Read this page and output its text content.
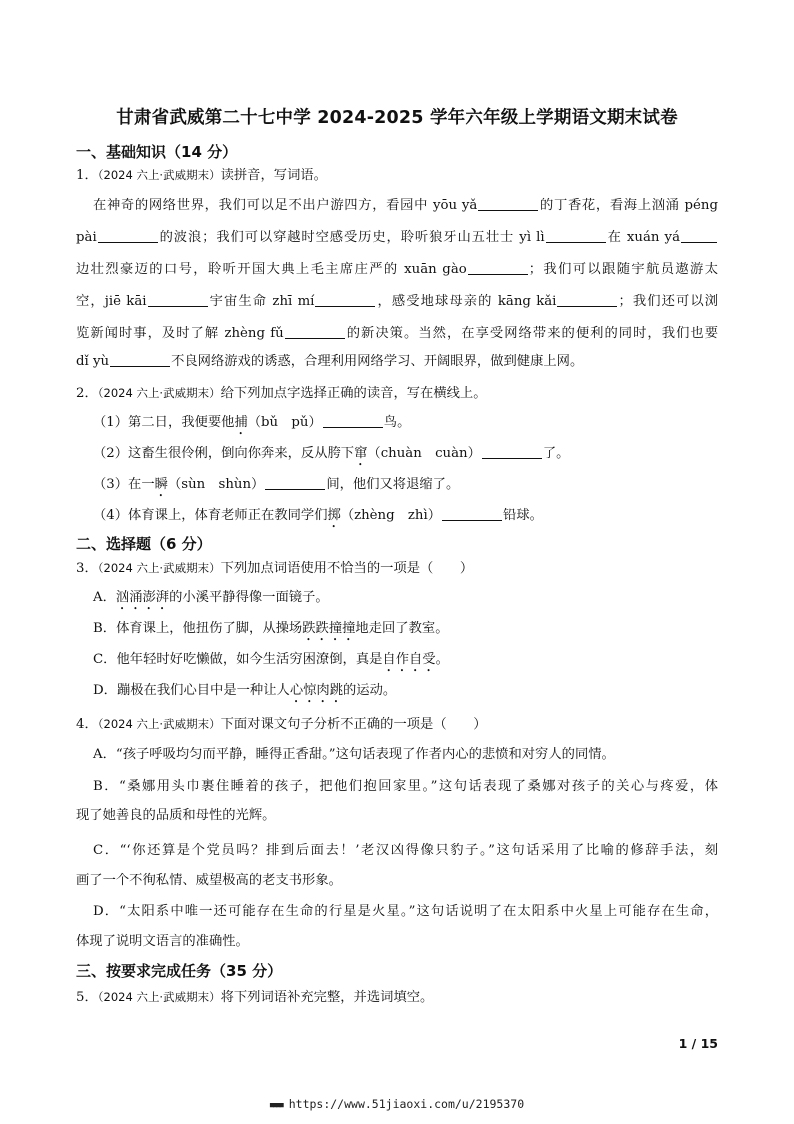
甘肃省武威第二十七中学 2024-2025 学年六年级上学期语文期末试卷
一、基础知识（14 分）
1．（2024 六上·武威期末）读拼音，写词语。
在神奇的网络世界，我们可以足不出户游四方，看园中 yōu yǎ	的丁香花，看海上汹涌 péng
pài	的波浪；我们可以穿越时空感受历史，聆听狼牙山五壮士 yì lì	在 xuán yá
边壮烈豪迈的口号，聆听开国大典上毛主席庄严的 xuān gào	；我们可以跟随宇航员遨游太
空，jiē kāi	宇宙生命 zhī mí	，感受地球母亲的 kāng kǎi	；我们还可以浏
览新闻时事，及时了解 zhèng fǔ	的新决策。当然，在享受网络带来的便利的同时，我们也要
dǐ yù	不良网络游戏的诱惑，合理利用网络学习、开阔眼界，做到健康上网。
2．（2024 六上·武威期末）给下列加点字选择正确的读音，写在横线上。
（1）第二日，我便要他捕（bǔ　pǔ）	鸟。
（2）这畜生很伶俐，倒向你奔来，反从胯下窜（chuàn　cuàn）	了。
（3）在一瞬（sùn　shùn）	间，他们又将退缩了。
（4）体育课上，体育老师正在教同学们掷（zhèng　zhì）	铅球。
二、选择题（6 分）
3．（2024 六上·武威期末）下列加点词语使用不恰当的一项是（　　）
A．汹涌澎湃的小溪平静得像一面镜子。
B．体育课上，他扭伤了脚，从操场跌跌撞撞地走回了教室。
C．他年轻时好吃懒做，如今生活穷困潦倒，真是自作自受。
D．蹦极在我们心目中是一种让人心惊肉跳的运动。
4．（2024 六上·武威期末）下面对课文句子分析不正确的一项是（　　）
A．“孩子呼吸均匀而平静，睡得正香甜。”这句话表现了作者内心的悲愤和对穷人的同情。
B．“桑娜用头巾裹住睡着的孩子，把他们抱回家里。”这句话表现了桑娜对孩子的关心与疼爱，体
现了她善良的品质和母性的光辉。
C．“‘你还算是个党员吗？排到后面去！’老汉凶得像只豹子。”这句话采用了比喻的修辞手法，刻
画了一个不徇私情、威望极高的老支书形象。
D．“太阳系中唯一还可能存在生命的行星是火星。”这句话说明了在太阳系中火星上可能存在生命，
体现了说明文语言的准确性。
三、按要求完成任务（35 分）
5．（2024 六上·武威期末）将下列词语补充完整，并选词填空。
1 / 15
■■■■ https://www.51jiaoxi.com/u/2195370
